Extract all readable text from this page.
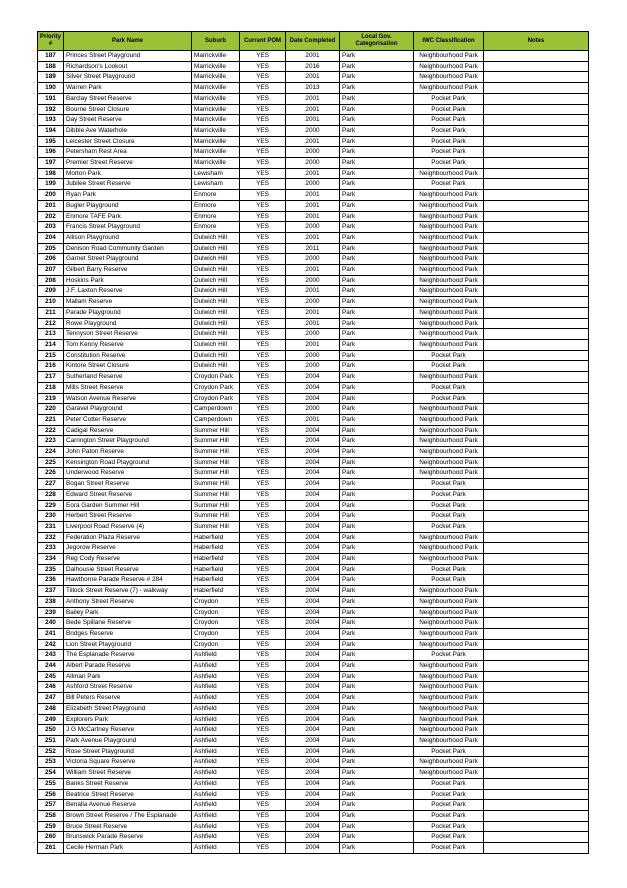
Priority #	Park Name	Suburb	Current POM	Date Completed	Local Gov. Categorisation	IWC Classification	Notes
187	Princes Street Playground	Marrickville	YES	2001	Park	Neighbourhood Park	
188	Richardson's Lookout	Marrickville	YES	2016	Park	Neighbourhood Park	
189	Silver Street Playground	Marrickville	YES	2001	Park	Neighbourhood Park	
190	Warren Park	Marrickville	YES	2013	Park	Neighbourhood Park	
191	Barclay Street Reserve	Marrickville	YES	2001	Park	Pocket Park	
192	Bourne Street Closure	Marrickville	YES	2001	Park	Pocket Park	
193	Day Street Reserve	Marrickville	YES	2001	Park	Pocket Park	
194	Dibble Ave Waterhole	Marrickville	YES	2000	Park	Pocket Park	
195	Leicester Street Closure	Marrickville	YES	2001	Park	Pocket Park	
196	Petersham Rest Area	Marrickville	YES	2000	Park	Pocket Park	
197	Premier Street Reserve	Marrickville	YES	2000	Park	Pocket Park	
198	Morton Park	Lewisham	YES	2001	Park	Neighbourhood Park	
199	Jubilee Street Reserve	Lewisham	YES	2000	Park	Pocket Park	
200	Ryan Park	Enmore	YES	2001	Park	Neighbourhood Park	
201	Bugler Playground	Enmore	YES	2001	Park	Neighbourhood Park	
202	Enmore TAFE Park	Enmore	YES	2001	Park	Neighbourhood Park	
203	Francis Street Playground	Enmore	YES	2000	Park	Neighbourhood Park	
204	Allison Playground	Dulwich Hill	YES	2001	Park	Neighbourhood Park	
205	Denison Road Community Garden	Dulwich Hill	YES	2011	Park	Neighbourhood Park	
206	Garnet Street Playground	Dulwich Hill	YES	2000	Park	Neighbourhood Park	
207	Gilbert Barry Reserve	Dulwich Hill	YES	2001	Park	Neighbourhood Park	
208	Hoskins Park	Dulwich Hill	YES	2000	Park	Neighbourhood Park	
209	J.F. Laxton Reserve	Dulwich Hill	YES	2001	Park	Neighbourhood Park	
210	Mallam Reserve	Dulwich Hill	YES	2000	Park	Neighbourhood Park	
211	Parade Playground	Dulwich Hill	YES	2001	Park	Neighbourhood Park	
212	Rowe Playground	Dulwich Hill	YES	2001	Park	Neighbourhood Park	
213	Tennyson Street Reserve	Dulwich Hill	YES	2000	Park	Neighbourhood Park	
214	Tom Kenny Reserve	Dulwich Hill	YES	2001	Park	Neighbourhood Park	
215	Constitution Reserve	Dulwich Hill	YES	2000	Park	Pocket Park	
216	Kintore Street Closure	Dulwich Hill	YES	2000	Park	Pocket Park	
217	Sutherland Reserve	Croydon Park	YES	2004	Park	Neighbourhood Park	
218	Mills Street Reserve	Croydon Park	YES	2004	Park	Pocket Park	
219	Watson Avenue Reserve	Croydon Park	YES	2004	Park	Pocket Park	
220	Garavel Playground	Camperdown	YES	2000	Park	Neighbourhood Park	
221	Peter Cotter Reserve	Camperdown	YES	2001	Park	Neighbourhood Park	
222	Cadigal Reserve	Summer Hill	YES	2004	Park	Neighbourhood Park	
223	Carrington Street Playground	Summer Hill	YES	2004	Park	Neighbourhood Park	
224	John Paton Reserve	Summer Hill	YES	2004	Park	Neighbourhood Park	
225	Kensington Road Playground	Summer Hill	YES	2004	Park	Neighbourhood Park	
226	Underwood Reserve	Summer Hill	YES	2004	Park	Neighbourhood Park	
227	Bogan Street Reserve	Summer Hill	YES	2004	Park	Pocket Park	
228	Edward Street Reserve	Summer Hill	YES	2004	Park	Pocket Park	
229	Eora Garden Summer Hill	Summer Hill	YES	2004	Park	Pocket Park	
230	Herbert Street Reserve	Summer Hill	YES	2004	Park	Pocket Park	
231	Liverpool Road Reserve (4)	Summer Hill	YES	2004	Park	Pocket Park	
232	Federation Plaza Reserve	Haberfield	YES	2004	Park	Neighbourhood Park	
233	Jegorow Reserve	Haberfield	YES	2004	Park	Neighbourhood Park	
234	Reg Cody Reserve	Haberfield	YES	2004	Park	Neighbourhood Park	
235	Dalhousie Street Reserve	Haberfield	YES	2004	Park	Pocket Park	
236	Hawthorne Parade Reserve # 284	Haberfield	YES	2004	Park	Pocket Park	
237	Tillock Street Reserve (7) - walkway	Haberfield	YES	2004	Park	Neighbourhood Park	
238	Anthony Street Reserve	Croydon	YES	2004	Park	Neighbourhood Park	
239	Bailey Park	Croydon	YES	2004	Park	Neighbourhood Park	
240	Bede Spillane Reserve	Croydon	YES	2004	Park	Neighbourhood Park	
241	Bridges Reserve	Croydon	YES	2004	Park	Neighbourhood Park	
242	Lion Street Playground	Croydon	YES	2004	Park	Neighbourhood Park	
243	The Esplanade Reserve	Ashfield	YES	2004	Park	Pocket Park	
244	Albert Parade Reserve	Ashfield	YES	2004	Park	Neighbourhood Park	
245	Allman Park	Ashfield	YES	2004	Park	Neighbourhood Park	
246	Ashford Street Reserve	Ashfield	YES	2004	Park	Neighbourhood Park	
247	Bill Peters Reserve	Ashfield	YES	2004	Park	Neighbourhood Park	
248	Elizabeth Street Playground	Ashfield	YES	2004	Park	Neighbourhood Park	
249	Explorers Park	Ashfield	YES	2004	Park	Neighbourhood Park	
250	J G McCartney Reserve	Ashfield	YES	2004	Park	Neighbourhood Park	
251	Park Avenue Playground	Ashfield	YES	2004	Park	Neighbourhood Park	
252	Rose Street Playground	Ashfield	YES	2004	Park	Pocket Park	
253	Victoria Square Reserve	Ashfield	YES	2004	Park	Neighbourhood Park	
254	William Street Reserve	Ashfield	YES	2004	Park	Neighbourhood Park	
255	Banks Street Reserve	Ashfield	YES	2004	Park	Pocket Park	
256	Beatrice Street Reserve	Ashfield	YES	2004	Park	Pocket Park	
257	Benalla Avenue Reserve	Ashfield	YES	2004	Park	Pocket Park	
258	Brown Street Reserve / The Esplanade	Ashfield	YES	2004	Park	Pocket Park	
259	Bruce Street Reserve	Ashfield	YES	2004	Park	Pocket Park	
260	Brunswick Parade Reserve	Ashfield	YES	2004	Park	Pocket Park	
261	Cecile Herman Park	Ashfield	YES	2004	Park	Pocket Park	
